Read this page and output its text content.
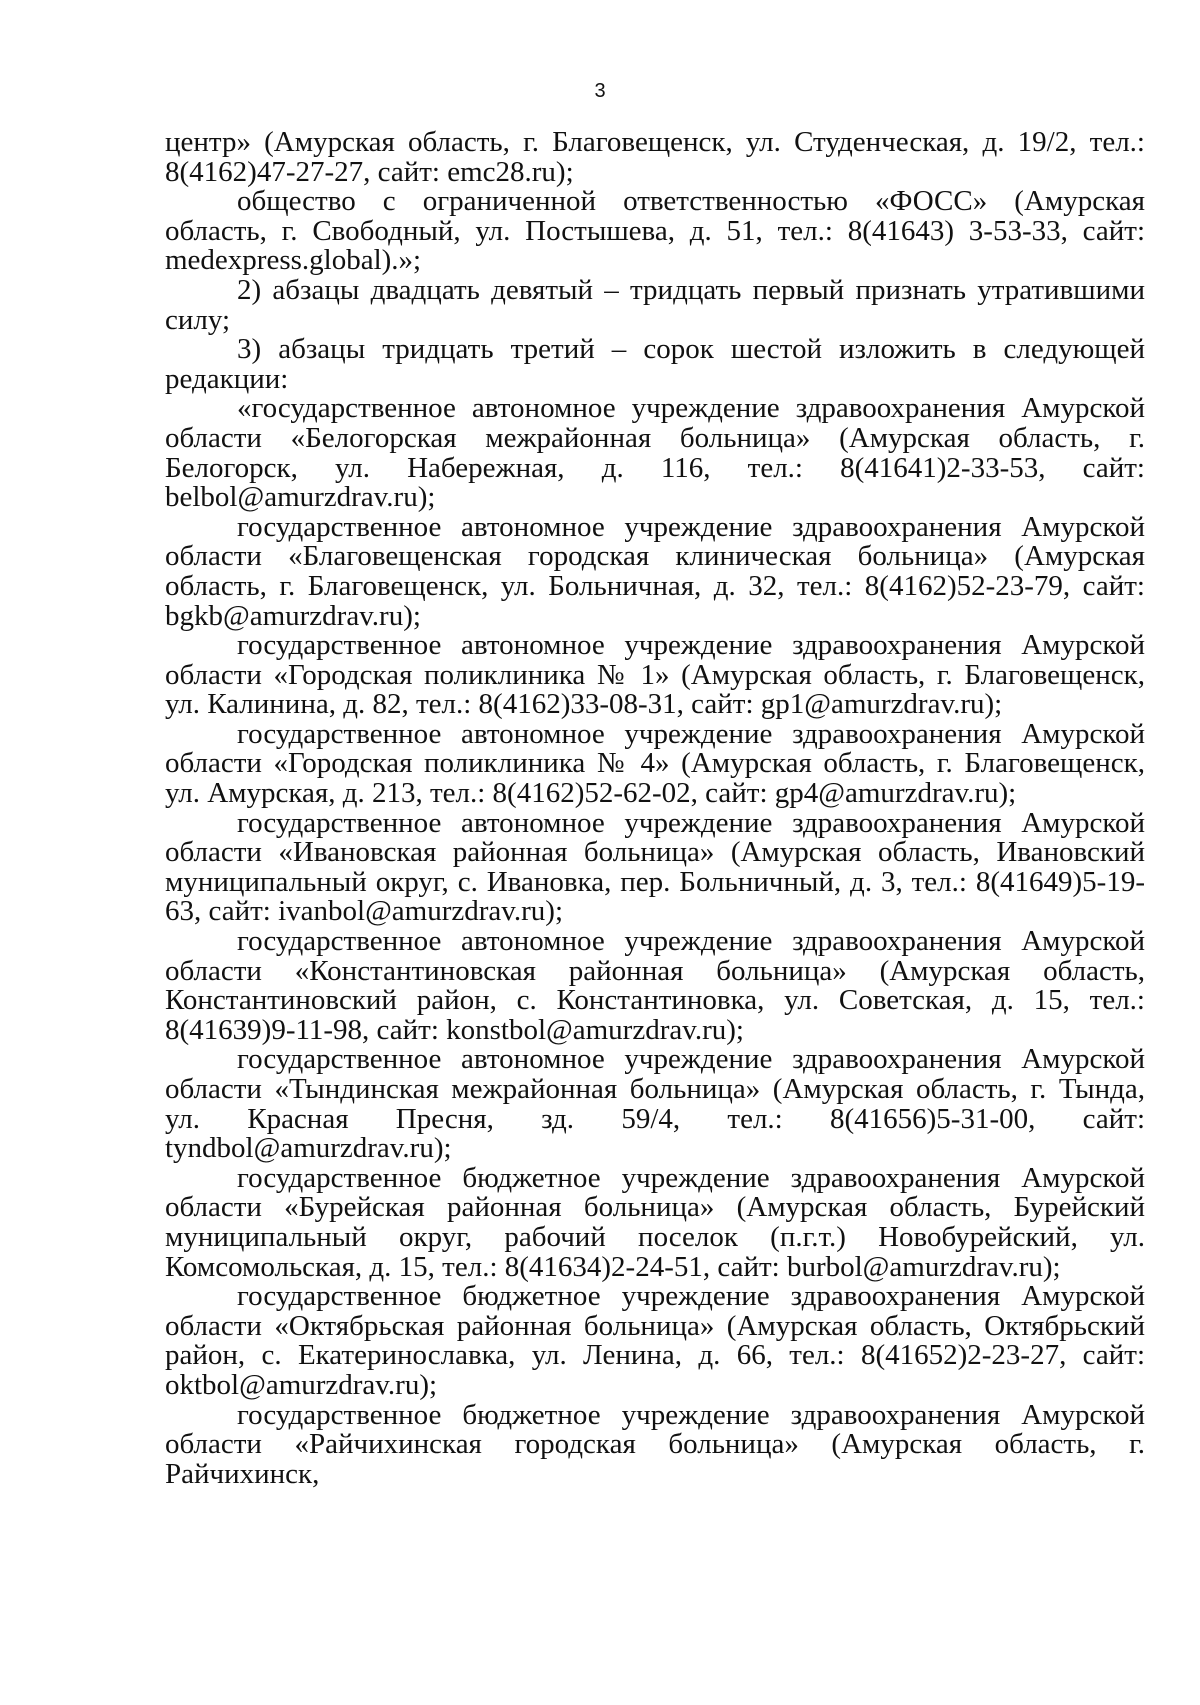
3

центр» (Амурская область, г. Благовещенск, ул. Студенческая, д. 19/2, тел.: 8(4162)47-27-27, сайт: emc28.ru);

общество с ограниченной ответственностью «ФОСС» (Амурская область, г. Свободный, ул. Постышева, д. 51, тел.: 8(41643) 3-53-33, сайт: medexpress.global).»;

2) абзацы двадцать девятый – тридцать первый признать утратившими силу;

3) абзацы тридцать третий – сорок шестой изложить в следующей редакции:

«государственное автономное учреждение здравоохранения Амурской области «Белогорская межрайонная больница» (Амурская область, г. Белогорск, ул. Набережная, д. 116, тел.: 8(41641)2-33-53, сайт: belbol@amurzdrav.ru);

государственное автономное учреждение здравоохранения Амурской области «Благовещенская городская клиническая больница» (Амурская область, г. Благовещенск, ул. Больничная, д. 32, тел.: 8(4162)52-23-79, сайт: bgkb@amurzdrav.ru);

государственное автономное учреждение здравоохранения Амурской области «Городская поликлиника № 1» (Амурская область, г. Благовещенск, ул. Калинина, д. 82, тел.: 8(4162)33-08-31, сайт: gp1@amurzdrav.ru);

государственное автономное учреждение здравоохранения Амурской области «Городская поликлиника № 4» (Амурская область, г. Благовещенск, ул. Амурская, д. 213, тел.: 8(4162)52-62-02, сайт: gp4@amurzdrav.ru);

государственное автономное учреждение здравоохранения Амурской области «Ивановская районная больница» (Амурская область, Ивановский муниципальный округ, с. Ивановка, пер. Больничный, д. 3, тел.: 8(41649)5-19-63, сайт: ivanbol@amurzdrav.ru);

государственное автономное учреждение здравоохранения Амурской области «Константиновская районная больница» (Амурская область, Константиновский район, с. Константиновка, ул. Советская, д. 15, тел.: 8(41639)9-11-98, сайт: konstbol@amurzdrav.ru);

государственное автономное учреждение здравоохранения Амурской области «Тындинская межрайонная больница» (Амурская область, г. Тында, ул. Красная Пресня, зд. 59/4, тел.: 8(41656)5-31-00, сайт: tyndbol@amurzdrav.ru);

государственное бюджетное учреждение здравоохранения Амурской области «Бурейская районная больница» (Амурская область, Бурейский муниципальный округ, рабочий поселок (п.г.т.) Новобурейский, ул. Комсомольская, д. 15, тел.: 8(41634)2-24-51, сайт: burbol@amurzdrav.ru);

государственное бюджетное учреждение здравоохранения Амурской области «Октябрьская районная больница» (Амурская область, Октябрьский район, с. Екатеринославка, ул. Ленина, д. 66, тел.: 8(41652)2-23-27, сайт: oktbol@amurzdrav.ru);

государственное бюджетное учреждение здравоохранения Амурской области «Райчихинская городская больница» (Амурская область, г. Райчихинск,
